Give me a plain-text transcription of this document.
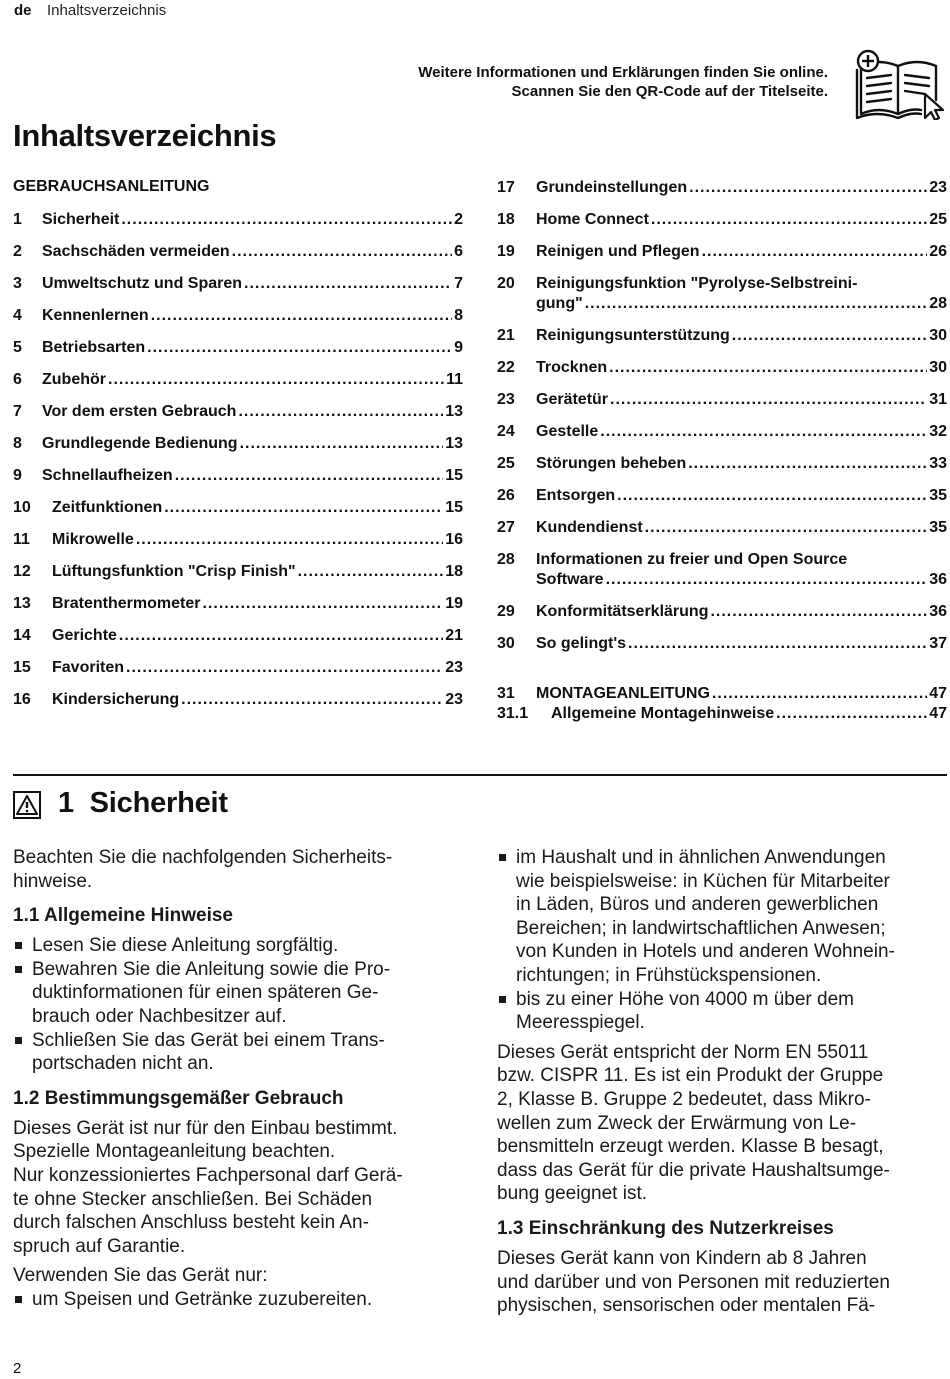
de Inhaltsverzeichnis
Weitere Informationen und Erklärungen finden Sie online.
Scannen Sie den QR-Code auf der Titelseite.
Inhaltsverzeichnis
GEBRAUCHSANLEITUNG
1 Sicherheit .....	2
2 Sachschäden vermeiden .....	6
3 Umweltschutz und Sparen .....	7
4 Kennenlernen .....	8
5 Betriebsarten .....	9
6 Zubehör .....	11
7 Vor dem ersten Gebrauch .....	13
8 Grundlegende Bedienung .....	13
9 Schnellaufheizen .....	15
10 Zeitfunktionen .....	15
11 Mikrowelle .....	16
12 Lüftungsfunktion "Crisp Finish" .....	18
13 Bratenthermometer .....	19
14 Gerichte .....	21
15 Favoriten .....	23
16 Kindersicherung .....	23
17 Grundeinstellungen .....	23
18 Home Connect .....	25
19 Reinigen und Pflegen .....	26
20 Reinigungsfunktion "Pyrolyse-Selbstreini-
gung" .....	28
21 Reinigungsunterstützung .....	30
22 Trocknen .....	30
23 Gerätetür .....	31
24 Gestelle .....	32
25 Störungen beheben .....	33
26 Entsorgen .....	35
27 Kundendienst .....	35
28 Informationen zu freier und Open Source
Software .....	36
29 Konformitätserklärung .....	36
30 So gelingt's .....	37
31 MONTAGEANLEITUNG .....	47
31.1 Allgemeine Montagehinweise .....	47
1 Sicherheit

Beachten Sie die nachfolgenden Sicherheits-
hinweise.

1.1 Allgemeine Hinweise
Lesen Sie diese Anleitung sorgfältig.
Bewahren Sie die Anleitung sowie die Pro-
duktinformationen für einen späteren Ge-
brauch oder Nachbesitzer auf.
Schließen Sie das Gerät bei einem Trans-
portschaden nicht an.
1.2 Bestimmungsgemäßer Gebrauch

Dieses Gerät ist nur für den Einbau bestimmt.
Spezielle Montageanleitung beachten.
Nur konzessioniertes Fachpersonal darf Gerä-
te ohne Stecker anschließen. Bei Schäden
durch falschen Anschluss besteht kein An-
spruch auf Garantie.

Verwenden Sie das Gerät nur:

um Speisen und Getränke zuzubereiten.
im Haushalt und in ähnlichen Anwendungen
wie beispielsweise: in Küchen für Mitarbeiter
in Läden, Büros und anderen gewerblichen
Bereichen; in landwirtschaftlichen Anwesen;
von Kunden in Hotels und anderen Wohnein-
richtungen; in Frühstückspensionen.
bis zu einer Höhe von 4000 m über dem
Meeresspiegel.

Dieses Gerät entspricht der Norm EN 55011
bzw. CISPR 11. Es ist ein Produkt der Gruppe
2, Klasse B. Gruppe 2 bedeutet, dass Mikro-
wellen zum Zweck der Erwärmung von Le-
bensmitteln erzeugt werden. Klasse B besagt,
dass das Gerät für die private Haushaltsumge-
bung geeignet ist.

1.3 Einschränkung des Nutzerkreises

Dieses Gerät kann von Kindern ab 8 Jahren
und darüber und von Personen mit reduzierten
physischen, sensorischen oder mentalen Fä-

2
